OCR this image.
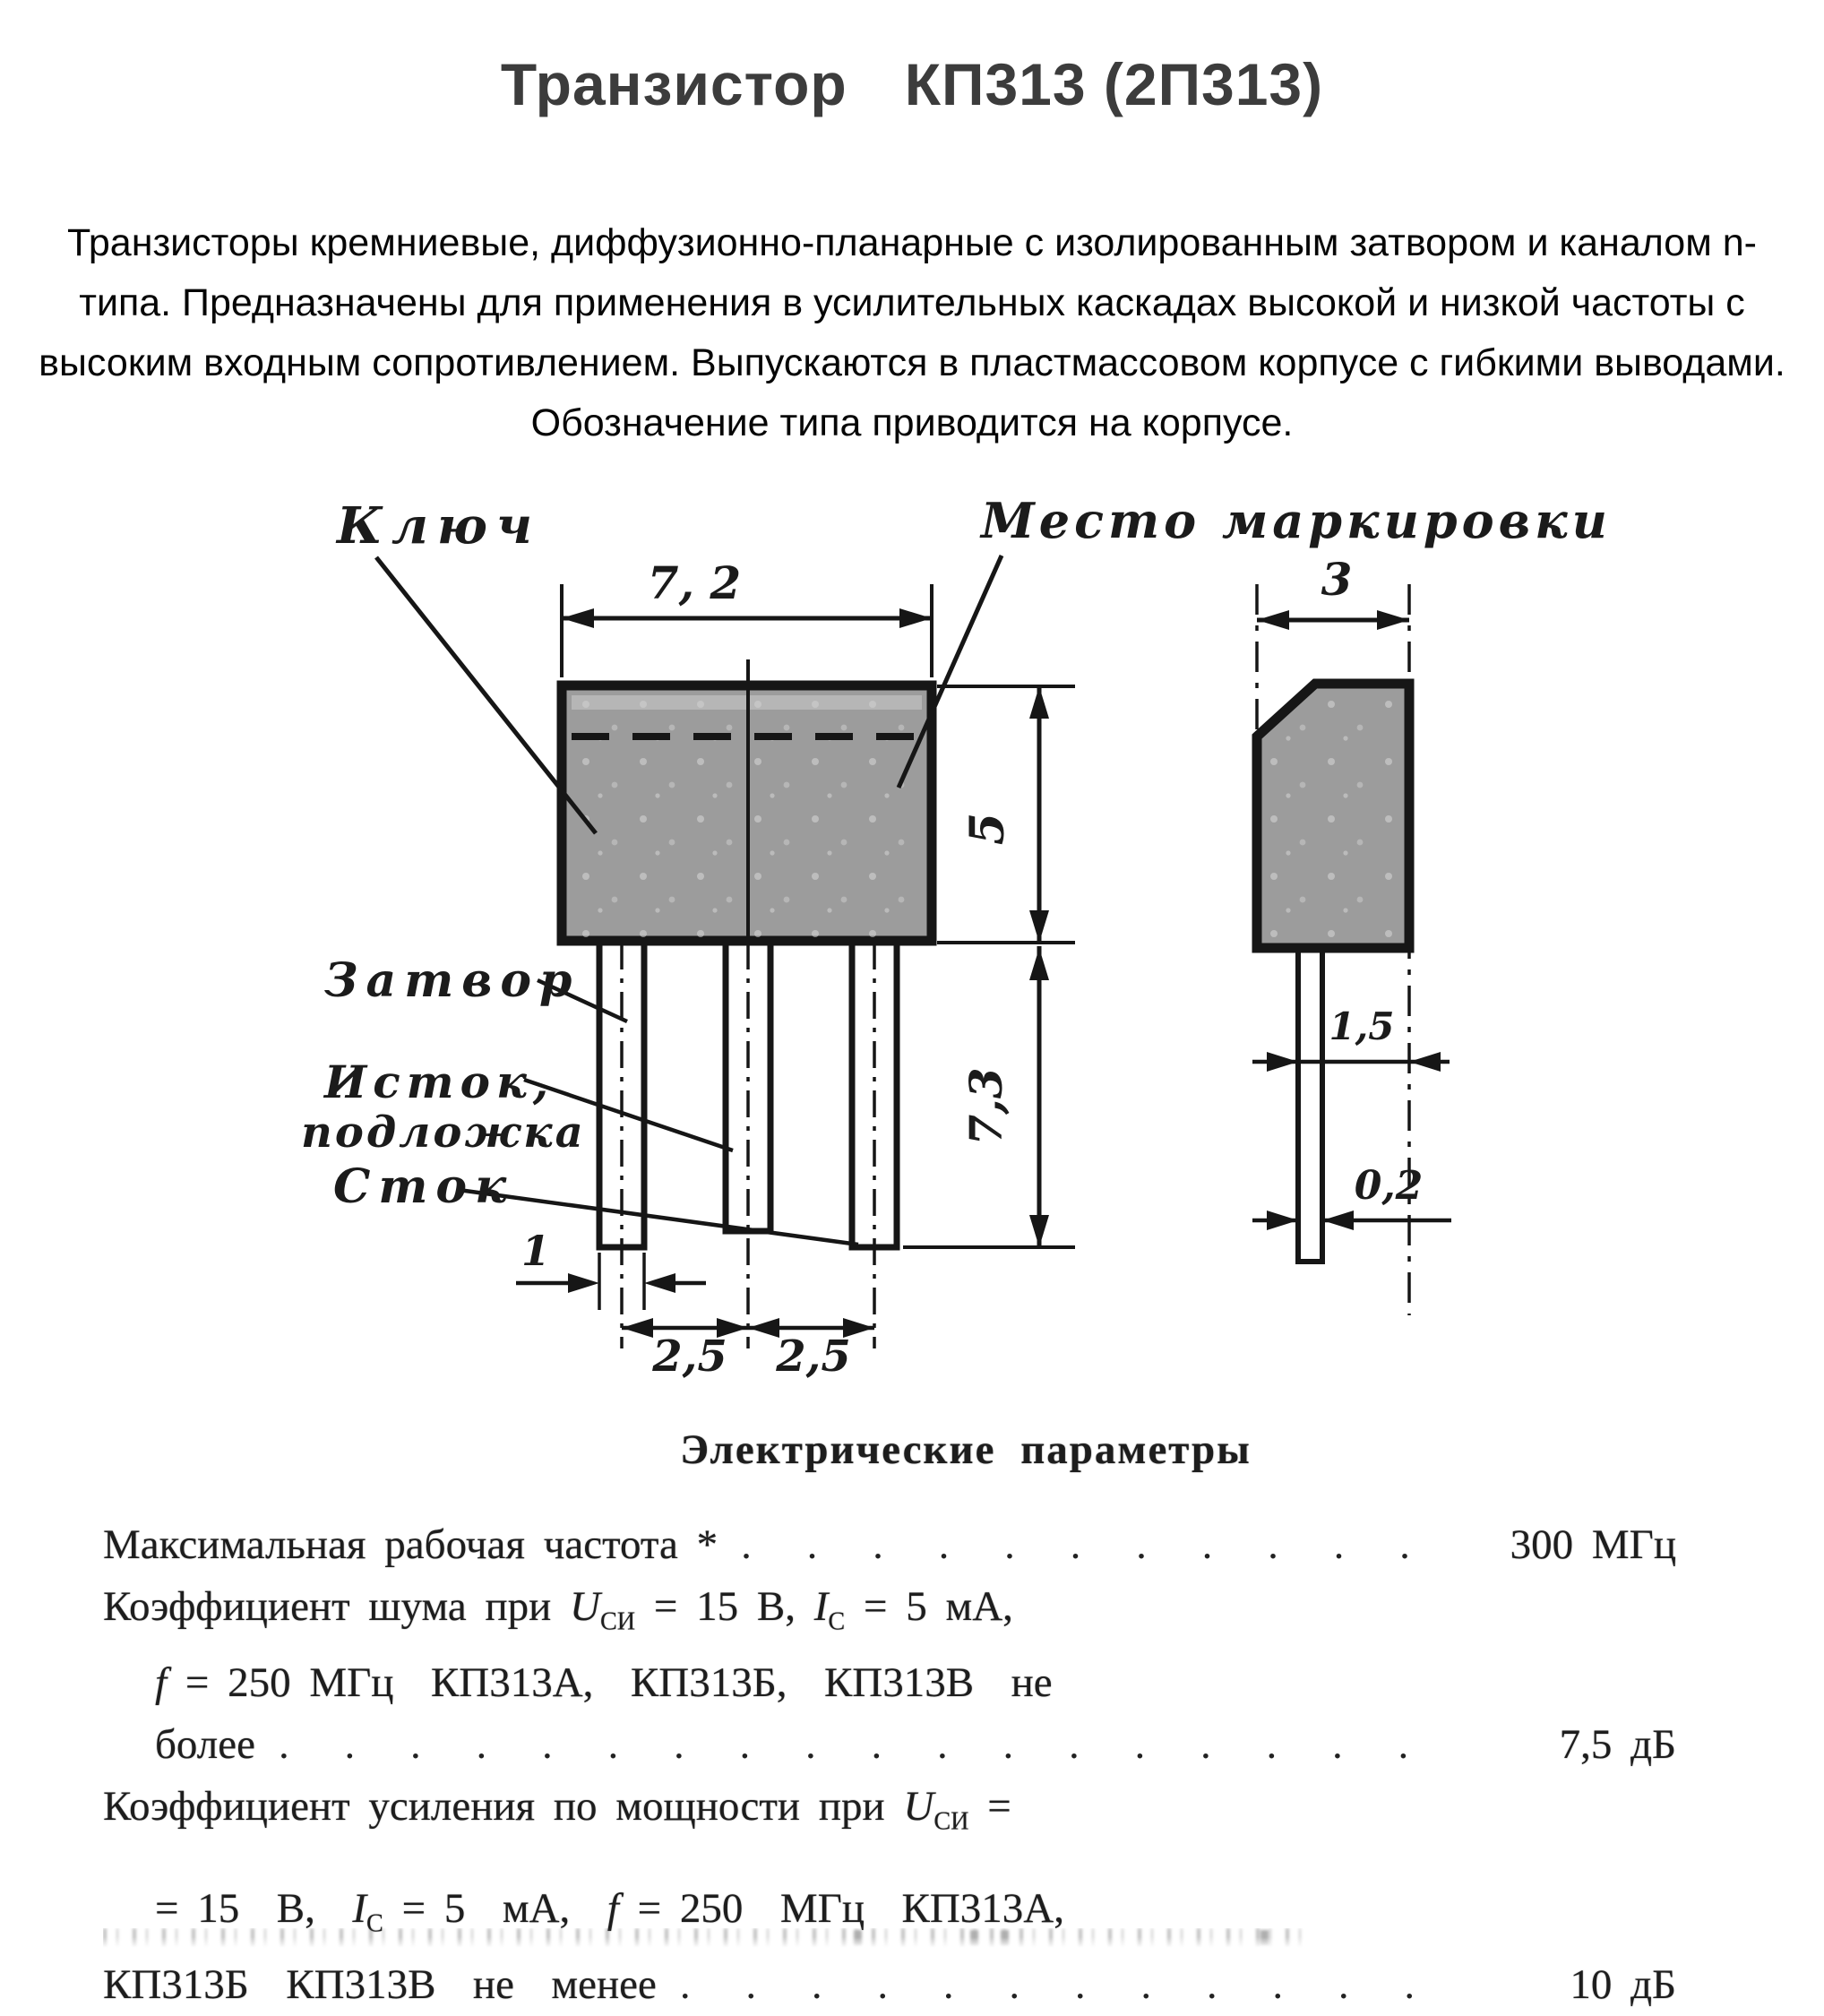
Транзистор КП313 (2П313)
Транзисторы кремниевые, диффузионно-планарные с изолированным затвором и каналом n-
типа. Предназначены для применения в усилительных каскадах высокой и низкой частоты с
высоким входным сопротивлением. Выпускаются в пластмассовом корпусе с гибкими выводами.
Обозначение типа приводится на корпусе.
Ключ	Место маркировки
Затвор
Исток,
подложка
Сток
7, 2
5
7,3
1
2,5 2,5
3
1,5
0,2
Электрические параметры
Максимальная рабочая частота * . . .	300 МГц
Коэффициент шума при $U_{СИ} = 15$ В, $I_С = 5$ мА,
f = 250 МГц  КП313А,  КП313Б,  КП313В  не
более . . .	7,5 дБ
Коэффициент усиления по мощности при $U_{СИ}$ =
= 15  В,  $I_С = 5$  мА,  f = 250  МГц  КП313А,
КП313Б  КП313В  не  менее . . .	10 дБ
